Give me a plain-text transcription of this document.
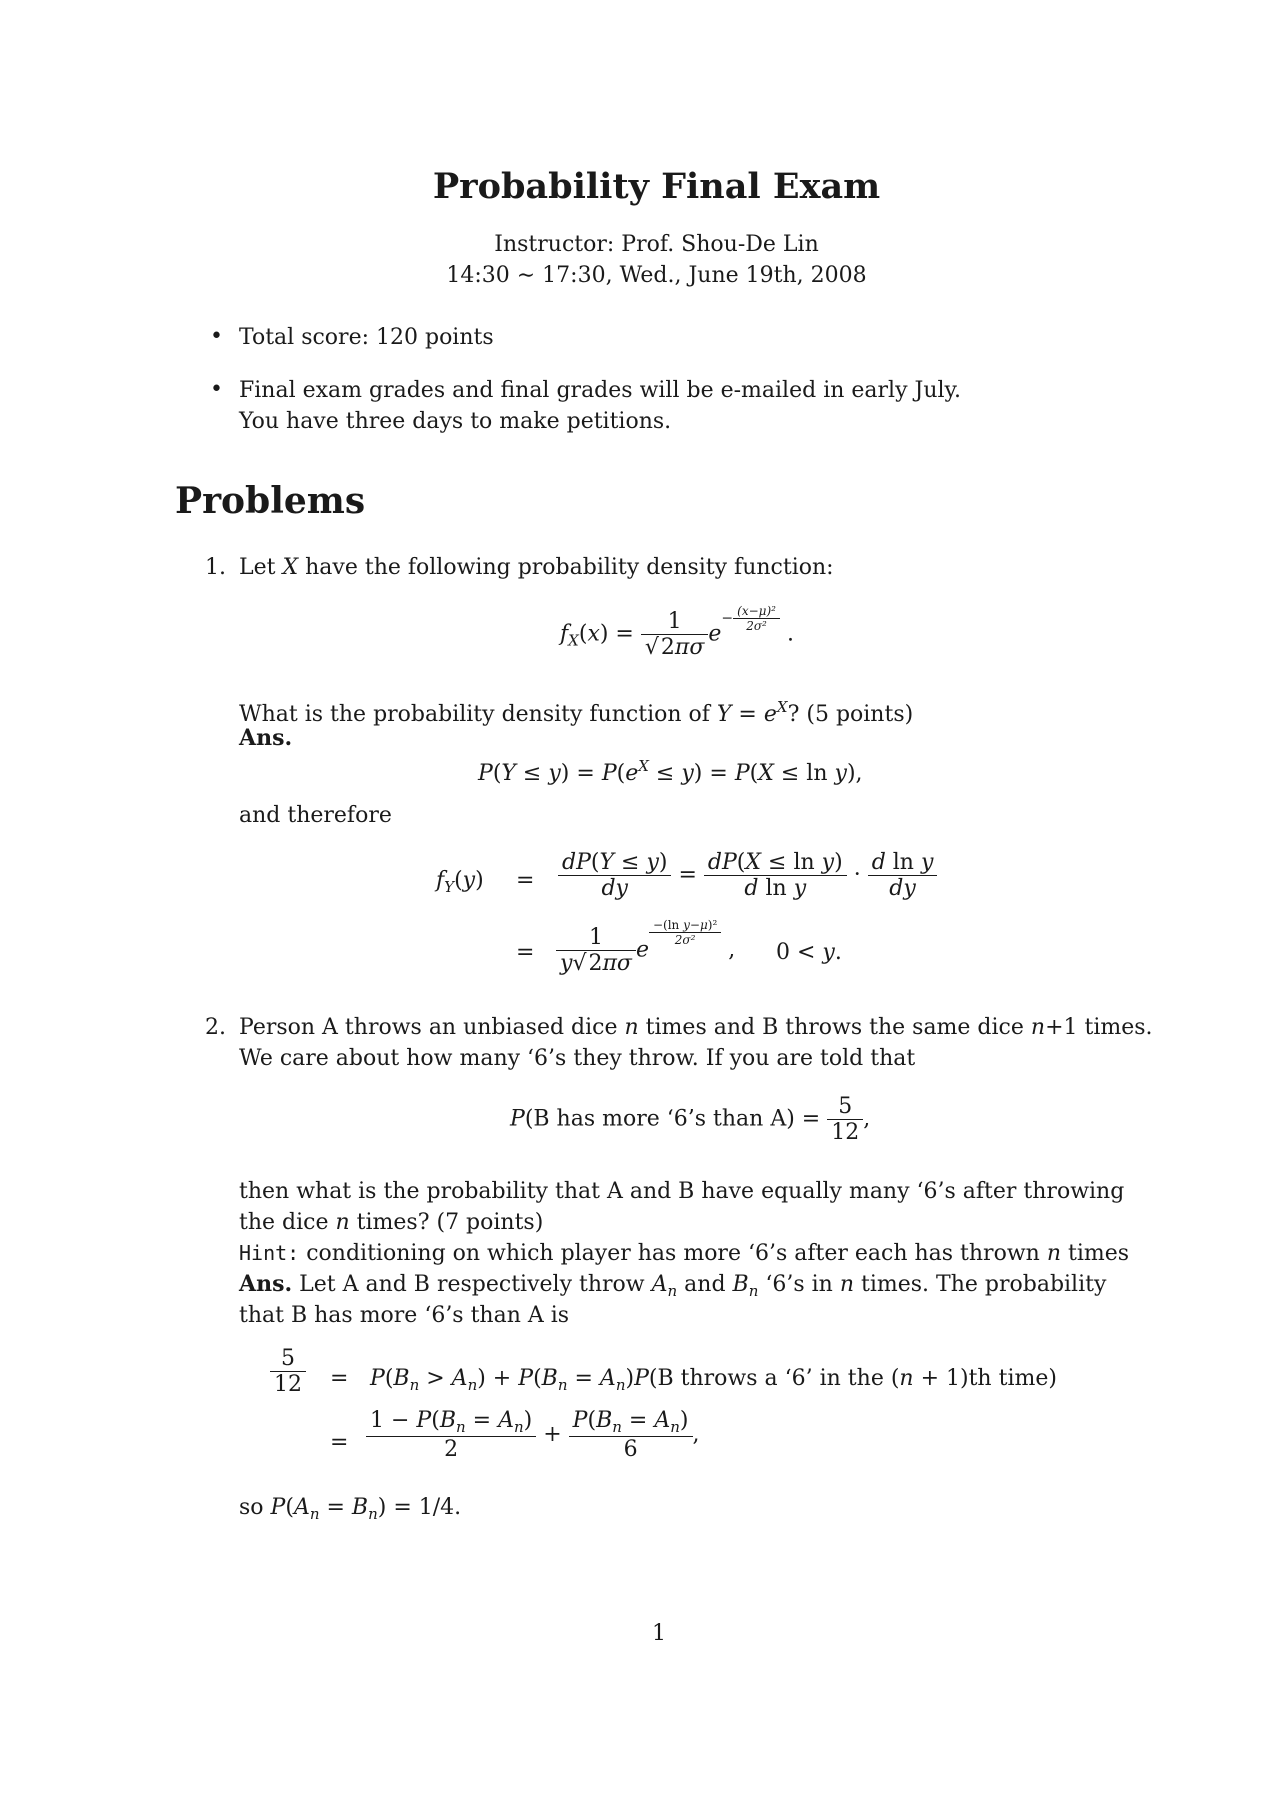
Probability Final Exam
Instructor: Prof. Shou-De Lin
14:30 ∼ 17:30, Wed., June 19th, 2008
• Total score: 120 points
• Final exam grades and final grades will be e-mailed in early July.
You have three days to make petitions.
Problems
1. Let X have the following probability density function:
$f_X(x) = \frac{1}{√2\pi\sigma} e- \frac{\text{(x−μ)²}}{\text{2σ²}}$
.
What is the probability density function of $Y = e^X$? (5 points)
Ans.
$P(Y \le y) = P(e^X \le y) = P(X \le \ln y)$,
and therefore
$f_Y(y) = \frac{dP(Y \le y)}{dy} = \frac{\text{dP(X ≤ ln y)}}{\text{d ln y}} \cdot \frac{\text{d ln y}}{dy}$
= $\frac{1}{y√2\pi\sigma}$ e
$\frac{\text{−(ln y−μ)²}}{\text{2σ²}}$
, 0 < y.
2. Person A throws an unbiased dice n times and B throws the same dice n+1 times.
We care about how many ‘6’s they throw. If you are told that
P(B has more ‘6’s than $A) = \frac{5}{12}$ ,
then what is the probability that A and B have equally many ‘6’s after throwing
the dice n times? (7 points)
Hint: conditioning on which player has more ‘6’s after each has thrown n times
Ans. Let A and B respectively throw $A_n$ and $B_n$ ‘6’s in n times. The probability
that B has more ‘6’s than A is
$\frac{5}{12} = P(B_n > A_n) + P(B_n = A_n)P(B$ throws a ‘6’ in the (n + 1)th time)
= $\frac{1 - P(B_n = A_n)}{2} + \frac{P(B_n = A_n)}{6}$ ,
so $P(A_n = B_n) = 1/4$.
1
